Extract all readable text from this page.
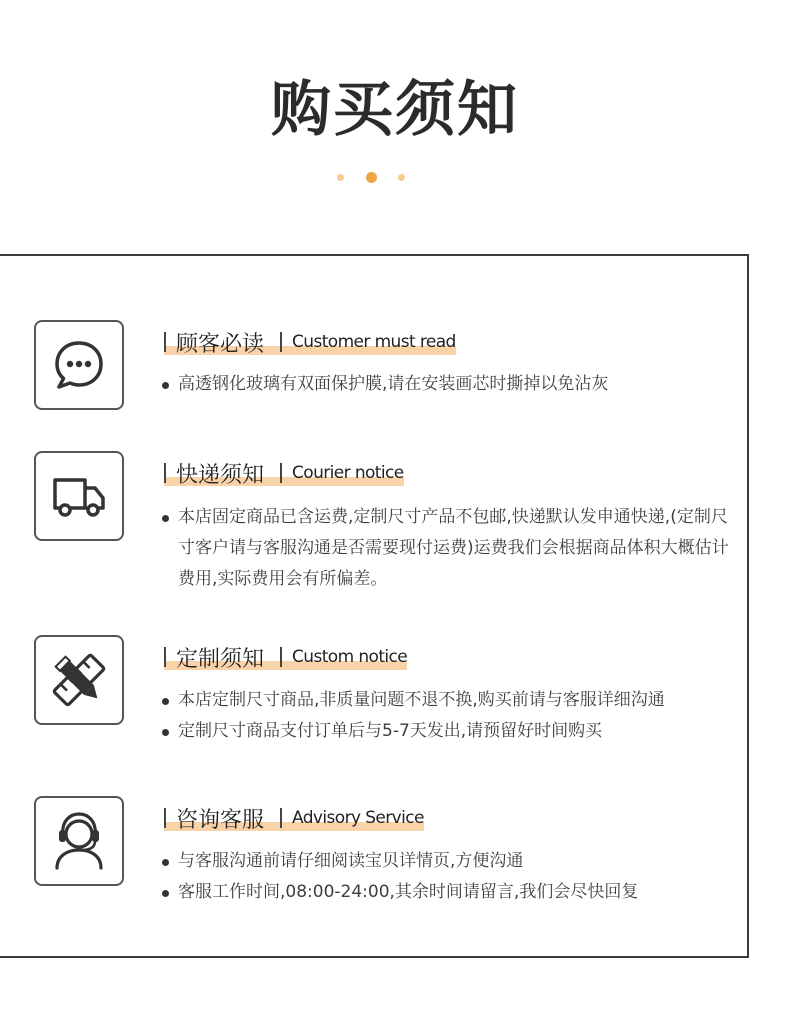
购买须知
顾客必读 Customer must read
高透钢化玻璃有双面保护膜,请在安装画芯时撕掉以免沾灰
快递须知 Courier notice
本店固定商品已含运费,定制尺寸产品不包邮,快递默认发申通快递,(定制尺寸客户请与客服沟通是否需要现付运费)运费我们会根据商品体积大概估计费用,实际费用会有所偏差。
定制须知 Custom notice
本店定制尺寸商品,非质量问题不退不换,购买前请与客服详细沟通
定制尺寸商品支付订单后与5-7天发出,请预留好时间购买
咨询客服 Advisory Service
与客服沟通前请仔细阅读宝贝详情页,方便沟通
客服工作时间,08:00-24:00,其余时间请留言,我们会尽快回复
